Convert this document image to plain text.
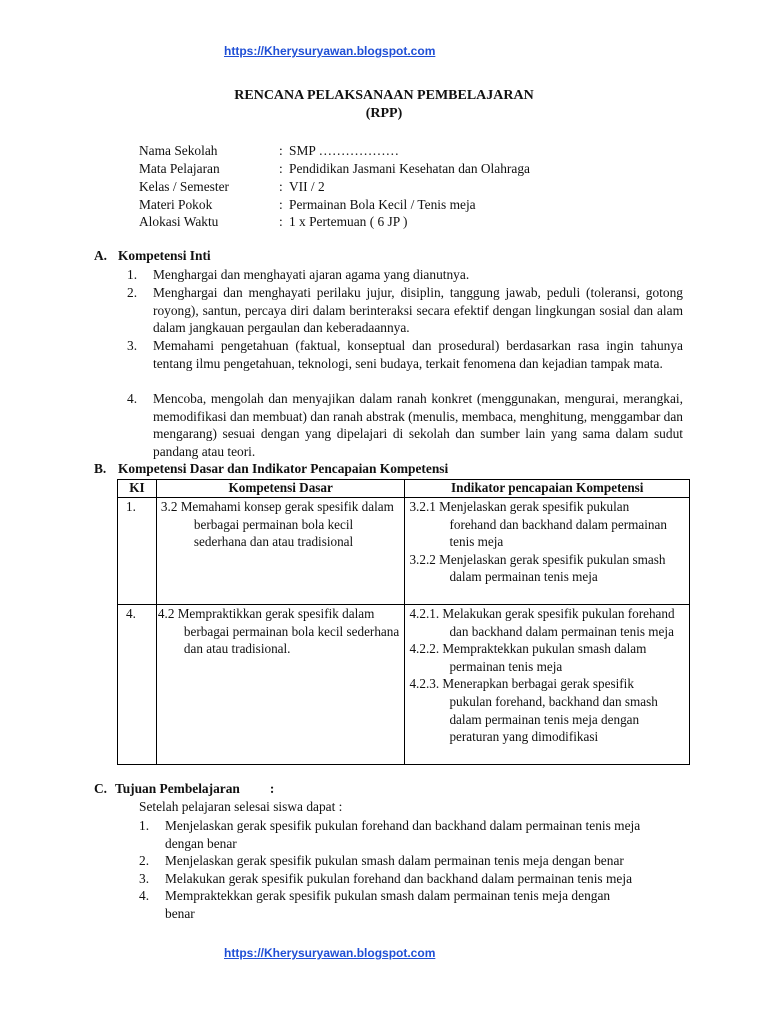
https://Kherysuryawan.blogspot.com
RENCANA PELAKSANAAN PEMBELAJARAN
(RPP)
Nama Sekolah	: SMP ………………
Mata Pelajaran	: Pendidikan Jasmani Kesehatan dan Olahraga
Kelas / Semester	: VII / 2
Materi Pokok	: Permainan Bola Kecil / Tenis meja
Alokasi Waktu	: 1 x Pertemuan ( 6 JP )
A. Kompetensi Inti
1. Menghargai dan menghayati ajaran agama yang dianutnya.
2. Menghargai dan menghayati perilaku jujur, disiplin, tanggung jawab, peduli (toleransi, gotong royong), santun, percaya diri dalam berinteraksi secara efektif dengan lingkungan sosial dan alam dalam jangkauan pergaulan dan keberadaannya.
3. Memahami pengetahuan (faktual, konseptual dan prosedural) berdasarkan rasa ingin tahunya tentang ilmu pengetahuan, teknologi, seni budaya, terkait fenomena dan kejadian tampak mata.
4. Mencoba, mengolah dan menyajikan dalam ranah konkret (menggunakan, mengurai, merangkai, memodifikasi dan membuat) dan ranah abstrak (menulis, membaca, menghitung, menggambar dan mengarang) sesuai dengan yang dipelajari di sekolah dan sumber lain yang sama dalam sudut pandang atau teori.
B. Kompetensi Dasar dan Indikator Pencapaian Kompetensi
KI	Kompetensi Dasar	Indikator pencapaian Kompetensi
1.	3.2 Memahami konsep gerak spesifik dalam berbagai permainan bola kecil sederhana dan atau tradisional	3.2.1 Menjelaskan gerak spesifik pukulan forehand dan backhand dalam permainan tenis meja
3.2.2 Menjelaskan gerak spesifik pukulan smash dalam permainan tenis meja

4.	4.2 Mempraktikkan gerak spesifik dalam berbagai permainan bola kecil sederhana dan atau tradisional.	4.2.1. Melakukan gerak spesifik pukulan forehand dan backhand dalam permainan tenis meja
4.2.2. Mempraktekkan pukulan smash dalam permainan tenis meja
4.2.3. Menerapkan berbagai gerak spesifik pukulan forehand, backhand dan smash dalam permainan tenis meja dengan peraturan yang dimodifikasi
C. Tujuan Pembelajaran :
Setelah pelajaran selesai siswa dapat :
1. Menjelaskan gerak spesifik pukulan forehand dan backhand dalam permainan tenis meja dengan benar
2. Menjelaskan gerak spesifik pukulan smash dalam permainan tenis meja dengan benar
3. Melakukan gerak spesifik pukulan forehand dan backhand dalam permainan tenis meja
4. Mempraktekkan gerak spesifik pukulan smash dalam permainan tenis meja dengan benar
https://Kherysuryawan.blogspot.com
